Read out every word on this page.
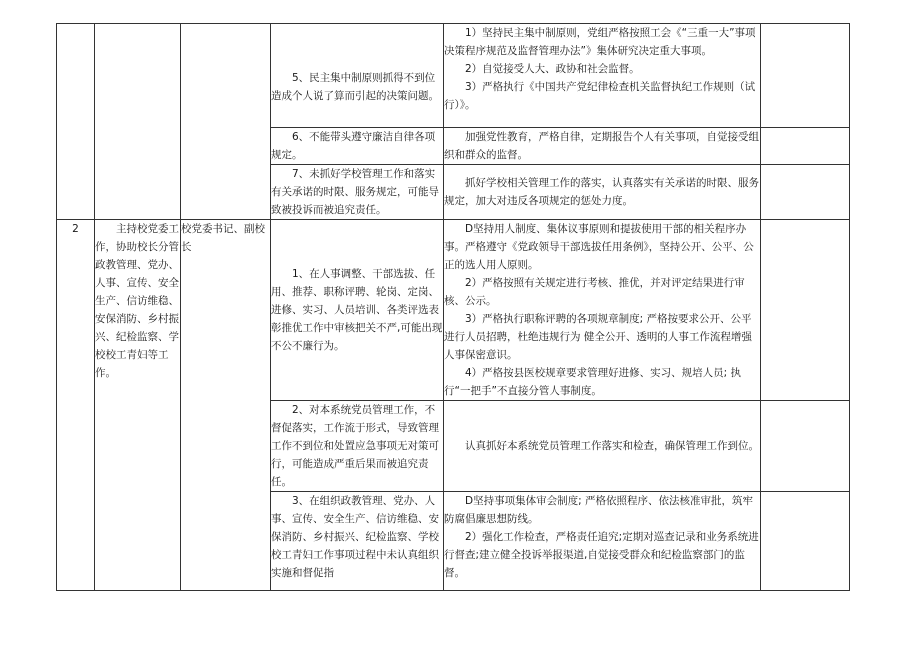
			5、民主集中制原则抓得不到位造成个人说了算而引起的决策问题。	1）坚持民主集中制原则，党组严格按照工会《“三重一大”事项决策程序规范及监督管理办法”》集体研究决定重大事项。
2）自觉接受人大、政协和社会监督。
3）严格执行《中国共产党纪律检查机关监督执纪工作规则（试行）》。	

			6、不能带头遵守廉洁自律各项规定。	加强党性教育，严格自律，定期报告个人有关事项，自觉接受组织和群众的监督。	

			7、未抓好学校管理工作和落实有关承诺的时限、服务规定，可能导致被投诉而被追究责任。	抓好学校相关管理工作的落实，认真落实有关承诺的时限、服务规定，加大对违反各项规定的惩处力度。	

2	主持校党委工作，协助校长分管政教管理、党办、人事、宣传、安全生产、信访维稳、安保消防、乡村振兴、纪检监察、学校校工青妇等工作。	校党委书记、副校长	1、在人事调整、干部选拔、任用、推荐、职称评聘、轮岗、定岗、进修、实习、人员培训、各类评选表彰推优工作中审核把关不严,可能出现不公不廉行为。	D坚持用人制度、集体议事原则和提拔使用干部的相关程序办事。严格遵守《党政领导干部选拔任用条例》，坚持公开、公平、公正的选人用人原则。
2）严格按照有关规定进行考核、推优，并对评定结果进行审核、公示。
3）严格执行职称评聘的各项规章制度; 严格按要求公开、公平进行人员招聘，杜绝违规行为 健全公开、透明的人事工作流程增强人事保密意识。
4）严格按县医校规章要求管理好进修、实习、规培人员; 执行“一把手”不直接分管人事制度。	

			2、对本系统党员管理工作，不督促落实，工作流于形式，导致管理工作不到位和处置应急事项无对策可行，可能造成严重后果而被追究责任。	认真抓好本系统党员管理工作落实和检查，确保管理工作到位。	

			3、在组织政教管理、党办、人事、宣传、安全生产、信访维稳、安保消防、乡村振兴、纪检监察、学校校工青妇工作事项过程中未认真组织实施和督促指	D坚持事项集体审会制度; 严格依照程序、依法核准审批，筑牢防腐倡廉思想防线。
2）强化工作检查，严格责任追究;定期对巡查记录和业务系统进行督查;建立健全投诉举报渠道,自觉接受群众和纪检监察部门的监督。	
